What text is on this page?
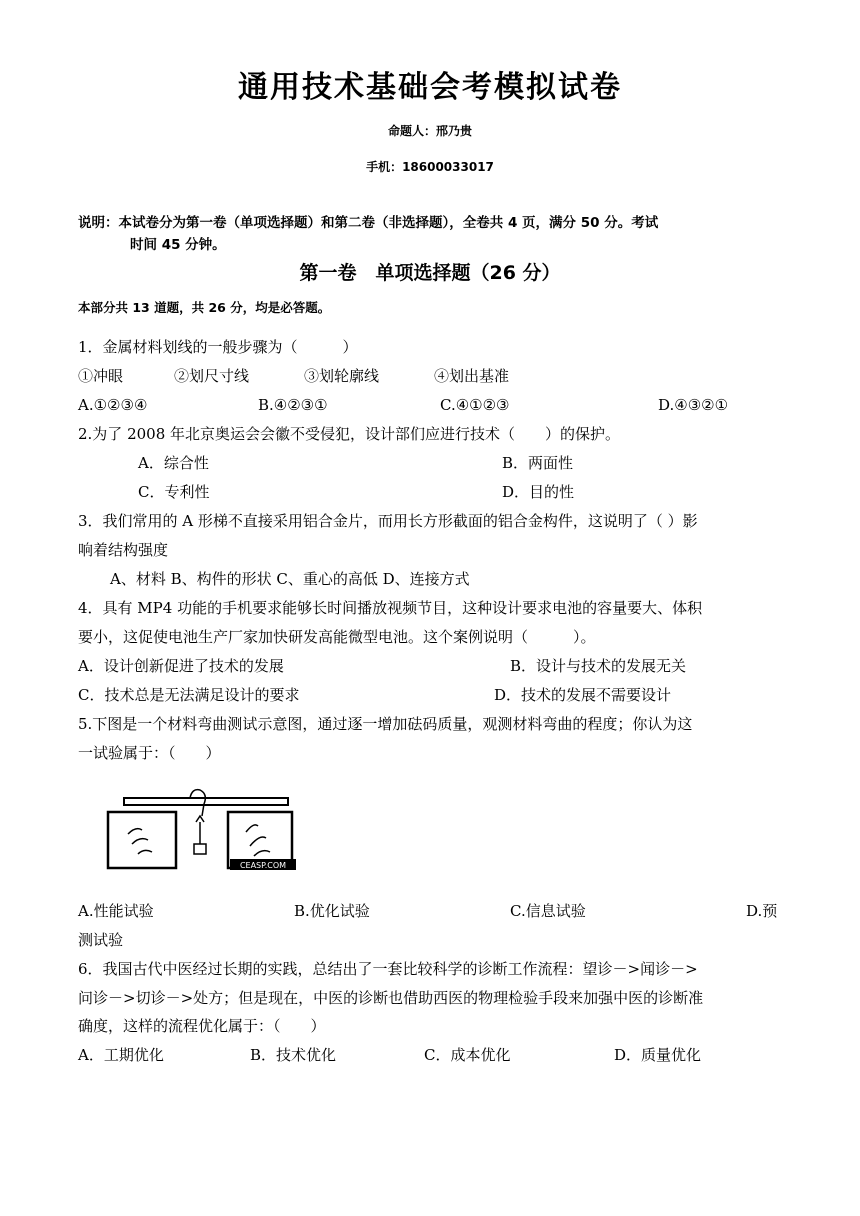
通用技术基础会考模拟试卷
命题人：邢乃贵
手机：18600033017
说明：本试卷分为第一卷（单项选择题）和第二卷（非选择题），全卷共 4 页，满分 50 分。考试
时间 45 分钟。
第一卷　单项选择题（26 分）
本部分共 13 道题，共 26 分，均是必答题。
1．金属材料划线的一般步骤为（　　　）
①冲眼	②划尺寸线	③划轮廓线	④划出基准
A.①②③④	B.④②③①	C.④①②③	D.④③②①
2.为了 2008 年北京奥运会会徽不受侵犯，设计部们应进行技术（　　）的保护。
A．综合性	B．两面性
C．专利性	D．目的性
3．我们常用的 A 形梯不直接采用铝合金片，而用长方形截面的铝合金构件，这说明了（ ）影
响着结构强度
A、材料 B、构件的形状 C、重心的高低 D、连接方式
4．具有 MP4 功能的手机要求能够长时间播放视频节目，这种设计要求电池的容量要大、体积
要小，这促使电池生产厂家加快研发高能微型电池。这个案例说明（　　　）。
A．设计创新促进了技术的发展	B．设计与技术的发展无关
C．技术总是无法满足设计的要求	D．技术的发展不需要设计
5.下图是一个材料弯曲测试示意图，通过逐一增加砝码质量，观测材料弯曲的程度；你认为这
一试验属于：（　　）
CEASP.COM
A.性能试验	B.优化试验	C.信息试验	D.预
测试验
6．我国古代中医经过长期的实践，总结出了一套比较科学的诊断工作流程：望诊－>闻诊－>
问诊－>切诊－>处方；但是现在，中医的诊断也借助西医的物理检验手段来加强中医的诊断准
确度，这样的流程优化属于：（　　）
A．工期优化	B．技术优化	C．成本优化	D．质量优化
